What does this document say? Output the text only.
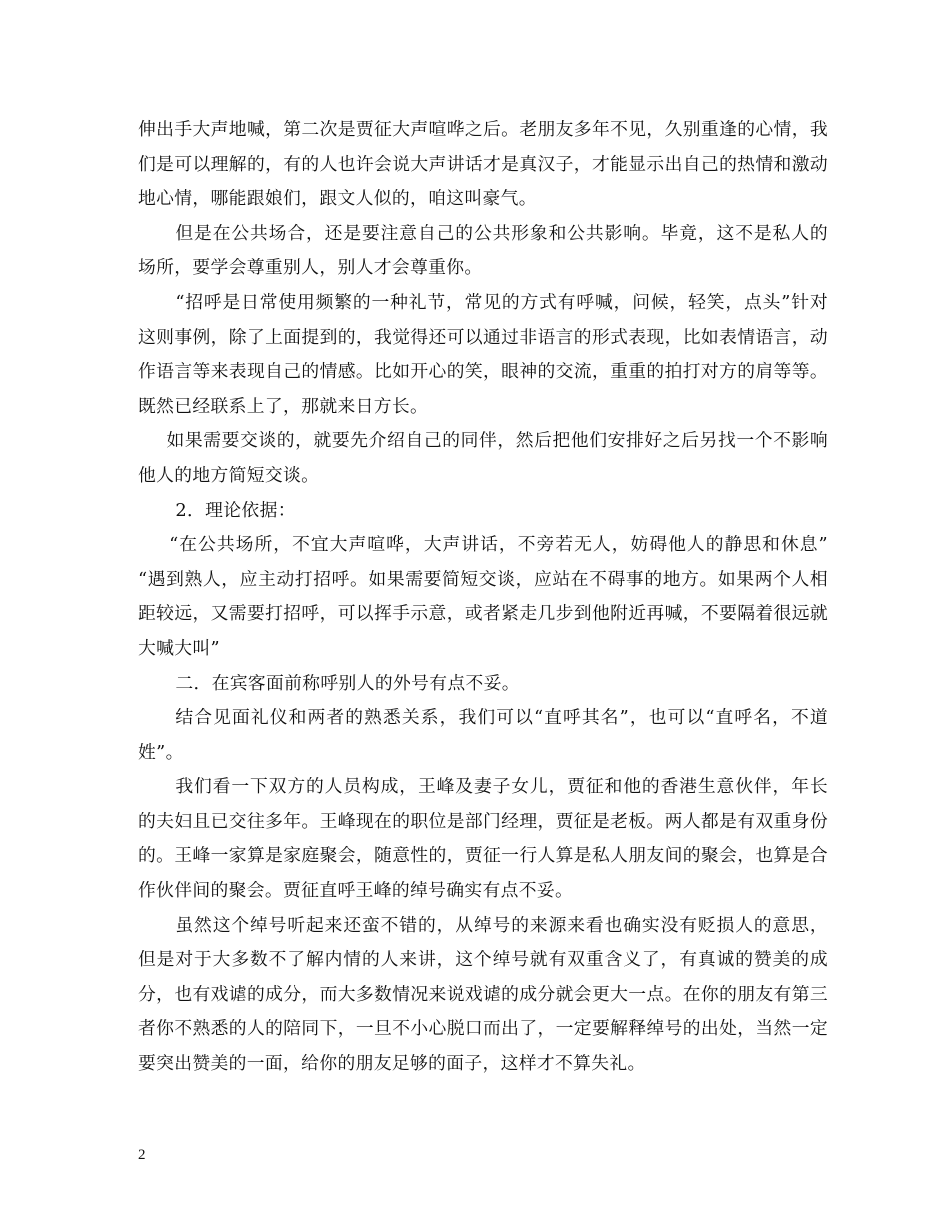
伸出手大声地喊，第二次是贾征大声喧哗之后。老朋友多年不见，久别重逢的心情，我们是可以理解的，有的人也许会说大声讲话才是真汉子，才能显示出自己的热情和激动地心情，哪能跟娘们，跟文人似的，咱这叫豪气。

但是在公共场合，还是要注意自己的公共形象和公共影响。毕竟，这不是私人的场所，要学会尊重别人，别人才会尊重你。

“招呼是日常使用频繁的一种礼节，常见的方式有呼喊，问候，轻笑，点头”针对这则事例，除了上面提到的，我觉得还可以通过非语言的形式表现，比如表情语言，动作语言等来表现自己的情感。比如开心的笑，眼神的交流，重重的拍打对方的肩等等。既然已经联系上了，那就来日方长。

如果需要交谈的，就要先介绍自己的同伴，然后把他们安排好之后另找一个不影响他人的地方简短交谈。

2．理论依据：

“在公共场所，不宜大声喧哗，大声讲话，不旁若无人，妨碍他人的静思和休息” “遇到熟人，应主动打招呼。如果需要简短交谈，应站在不碍事的地方。如果两个人相距较远，又需要打招呼，可以挥手示意，或者紧走几步到他附近再喊，不要隔着很远就大喊大叫”

二．在宾客面前称呼别人的外号有点不妥。

结合见面礼仪和两者的熟悉关系，我们可以“直呼其名”，也可以“直呼名，不道姓”。

我们看一下双方的人员构成，王峰及妻子女儿，贾征和他的香港生意伙伴，年长的夫妇且已交往多年。王峰现在的职位是部门经理，贾征是老板。两人都是有双重身份的。王峰一家算是家庭聚会，随意性的，贾征一行人算是私人朋友间的聚会，也算是合作伙伴间的聚会。贾征直呼王峰的绰号确实有点不妥。

虽然这个绰号听起来还蛮不错的，从绰号的来源来看也确实没有贬损人的意思，但是对于大多数不了解内情的人来讲，这个绰号就有双重含义了，有真诚的赞美的成分，也有戏谑的成分，而大多数情况来说戏谑的成分就会更大一点。在你的朋友有第三者你不熟悉的人的陪同下，一旦不小心脱口而出了，一定要解释绰号的出处，当然一定要突出赞美的一面，给你的朋友足够的面子，这样才不算失礼。

2
